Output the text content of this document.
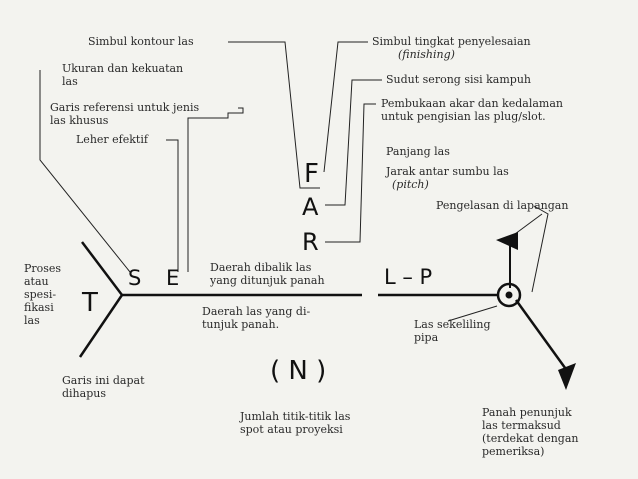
Simbul kontour las
Ukuran dan kekuatan
las
Garis referensi untuk jenis
las khusus
Leher efektif
Simbul tingkat penyelesaian
(finishing)
Sudut serong sisi kampuh
Pembukaan akar dan kedalaman
untuk pengisian las plug/slot.
Panjang las
Jarak antar sumbu las
(pitch)
Pengelasan di lapangan
Proses
atau
spesi-
fikasi
las
Daerah dibalik las
yang ditunjuk panah
Daerah las yang di-
tunjuk panah.	Las sekeliling
pipa
Garis ini dapat
dihapus
Jumlah titik-titik las
spot atau proyeksi
Panah penunjuk
las termaksud
(terdekat dengan
pemeriksa)
F
A
R
S E
T
L – P
( N )
